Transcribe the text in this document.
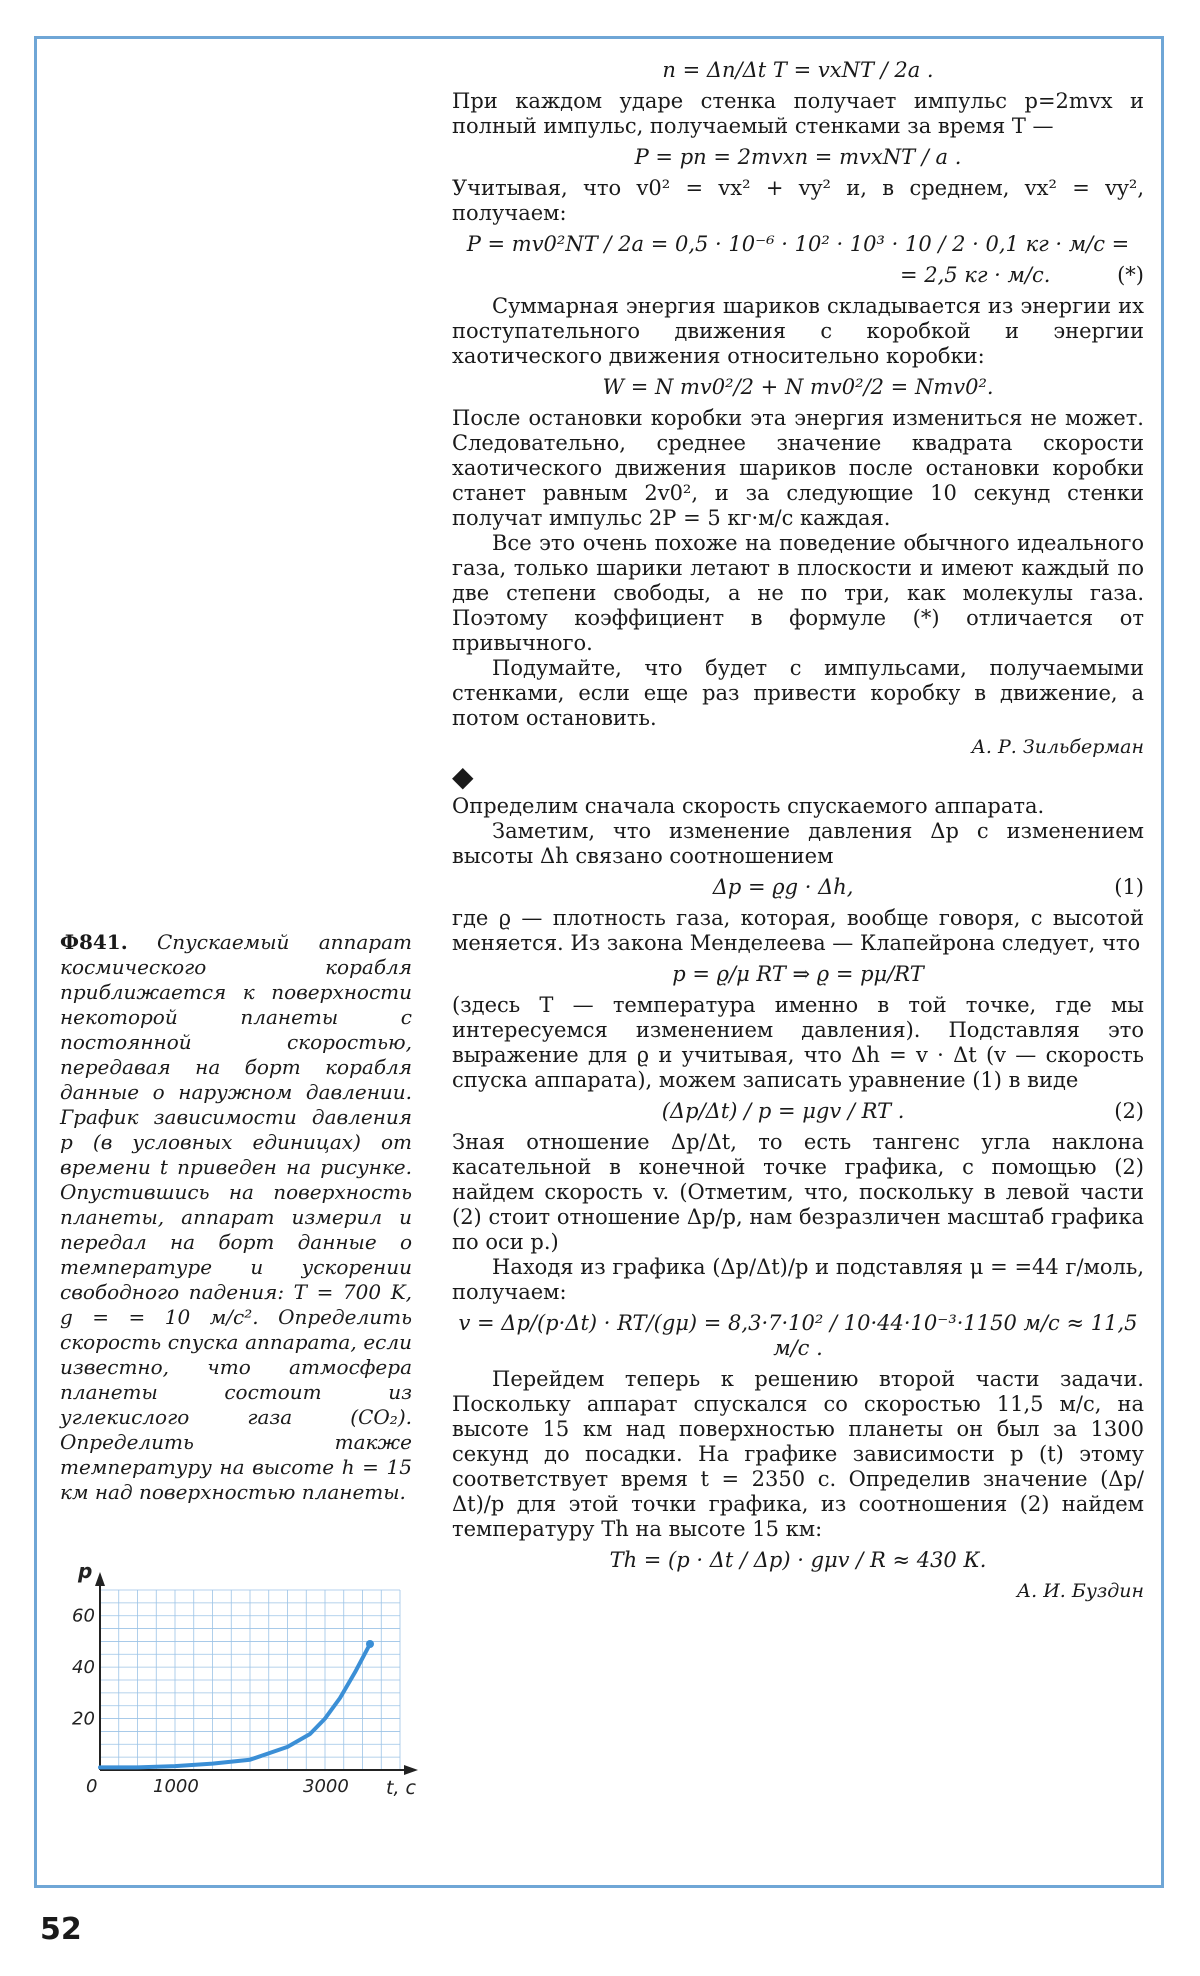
n = Δn/Δt T = vxNT / 2a .

При каждом ударе стенка получает импульс p=2mvx и полный импульс, получаемый стенками за время T —

P = pn = 2mvxn = mvxNT / a .

Учитывая, что v0² = vx² + vy² и, в среднем, vx² = vy², получаем:

P = mv0²NT / 2a = 0,5 · 10⁻⁶ · 10² · 10³ · 10 / 2 · 0,1 кг · м/с =
= 2,5 кг · м/с.	(*)

Суммарная энергия шариков складывается из энергии их поступательного движения с коробкой и энергии хаотического движения относительно коробки:

W = N mv0²/2 + N mv0²/2 = Nmv0².

После остановки коробки эта энергия измениться не может. Следовательно, среднее значение квадрата скорости хаотического движения шариков после остановки коробки станет равным 2v0², и за следующие 10 секунд стенки получат импульс 2P = 5 кг·м/с каждая.

Все это очень похоже на поведение обычного идеального газа, только шарики летают в плоскости и имеют каждый по две степени свободы, а не по три, как молекулы газа. Поэтому коэффициент в формуле (*) отличается от привычного.

Подумайте, что будет с импульсами, получаемыми стенками, если еще раз привести коробку в движение, а потом остановить.

А. Р. Зильберман
◆

Определим сначала скорость спускаемого аппарата.

Заметим, что изменение давления Δp с изменением высоты Δh связано соотношением

(1)
Δp = ϱg · Δh,

где ϱ — плотность газа, которая, вообще говоря, с высотой меняется. Из закона Менделеева — Клапейрона следует, что

p = ϱ/μ RT ⇒ ϱ = pμ/RT

(здесь T — температура именно в той точке, где мы интересуемся изменением давления). Подставляя это выражение для ϱ и учитывая, что Δh = v · Δt (v — скорость спуска аппарата), можем записать уравнение (1) в виде

(2)
(Δp/Δt) / p = μgv / RT .

Зная отношение Δp/Δt, то есть тангенс угла наклона касательной в конечной точке графика, с помощью (2) найдем скорость v. (Отметим, что, поскольку в левой части (2) стоит отношение Δp/p, нам безразличен масштаб графика по оси p.)

Находя из графика (Δp/Δt)/p и подставляя μ = =44 г/моль, получаем:

v = Δp/(p·Δt) · RT/(gμ) = 8,3·7·10² / 10·44·10⁻³·1150 м/с ≈ 11,5 м/с .

Перейдем теперь к решению второй части задачи. Поскольку аппарат спускался со скоростью 11,5 м/с, на высоте 15 км над поверхностью планеты он был за 1300 секунд до посадки. На графике зависимости p (t) этому соответствует время t = 2350 с. Определив значение (Δp/Δt)/p для этой точки графика, из соотношения (2) найдем температуру Th на высоте 15 км:

Th = (p · Δt / Δp) · gμv / R ≈ 430 К.
А. И. Буздин
Ф841. Спускаемый аппарат космического корабля приближается к поверхности некоторой планеты с постоянной скоростью, передавая на борт корабля данные о наружном давлении. График зависимости давления p (в условных единицах) от времени t приведен на рисунке. Опустившись на поверхность планеты, аппарат измерил и передал на борт данные о температуре и ускорении свободного падения: T = 700 K, g = = 10 м/с². Определить скорость спуска аппарата, если известно, что атмосфера планеты состоит из углекислого газа (CO₂). Определить также температуру на высоте h = 15 км над поверхностью планеты.
0	1000	3000
20
40
60
p
t, с
52
